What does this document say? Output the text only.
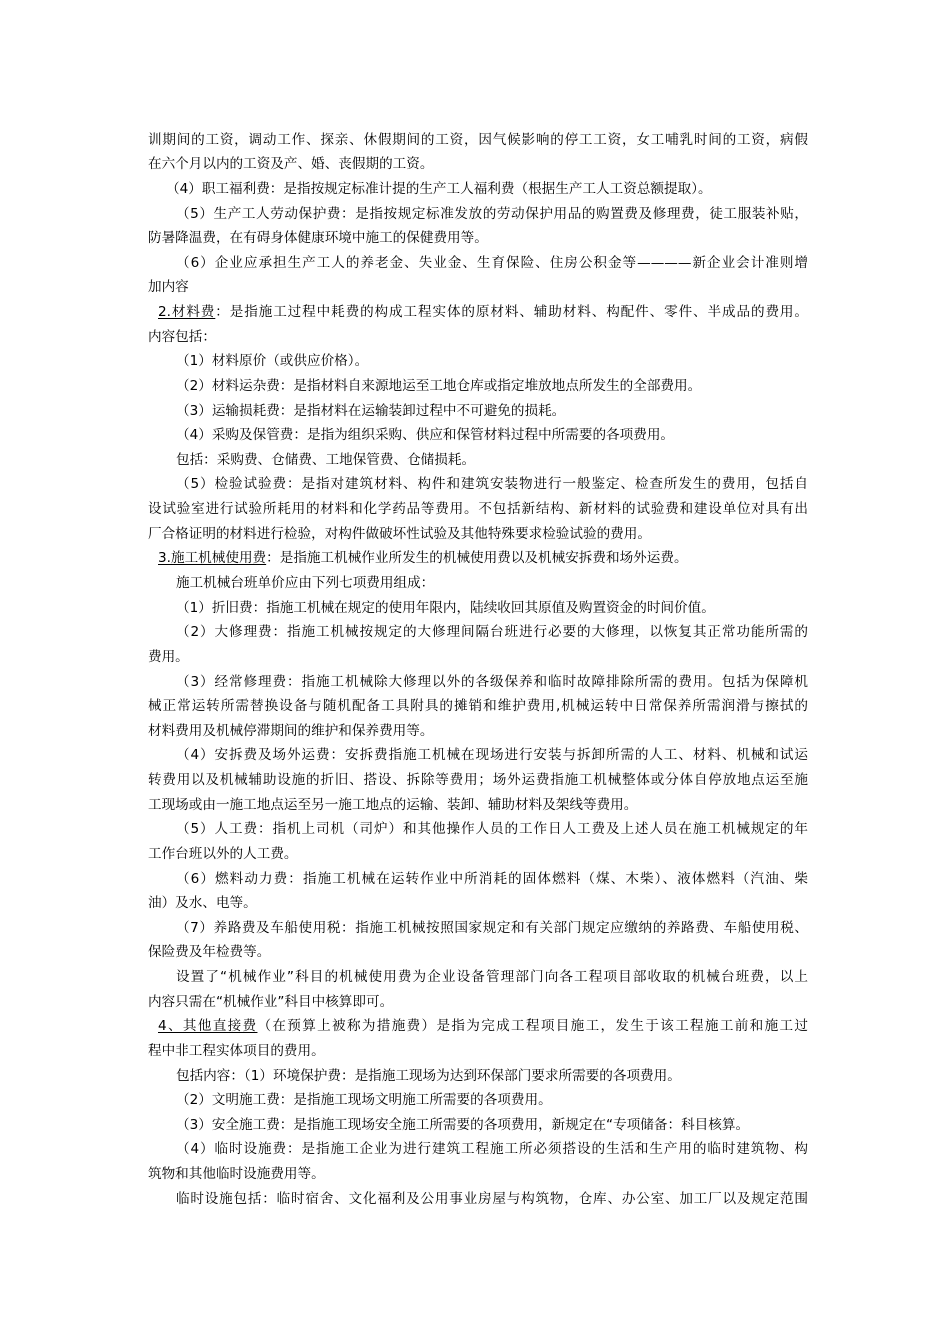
训期间的工资，调动工作、探亲、休假期间的工资，因气候影响的停工工资，女工哺乳时间的工资，病假
在六个月以内的工资及产、婚、丧假期的工资。
（4）职工福利费：是指按规定标准计提的生产工人福利费（根据生产工人工资总额提取）。
（5）生产工人劳动保护费：是指按规定标准发放的劳动保护用品的购置费及修理费，徒工服装补贴，
防暑降温费，在有碍身体健康环境中施工的保健费用等。
（6）企业应承担生产工人的养老金、失业金、生育保险、住房公积金等————新企业会计准则增
加内容
2.材料费：是指施工过程中耗费的构成工程实体的原材料、辅助材料、构配件、零件、半成品的费用。
内容包括：
（1）材料原价（或供应价格）。
（2）材料运杂费：是指材料自来源地运至工地仓库或指定堆放地点所发生的全部费用。
（3）运输损耗费：是指材料在运输装卸过程中不可避免的损耗。
（4）采购及保管费：是指为组织采购、供应和保管材料过程中所需要的各项费用。
包括：采购费、仓储费、工地保管费、仓储损耗。
（5）检验试验费：是指对建筑材料、构件和建筑安装物进行一般鉴定、检查所发生的费用，包括自
设试验室进行试验所耗用的材料和化学药品等费用。不包括新结构、新材料的试验费和建设单位对具有出
厂合格证明的材料进行检验，对构件做破坏性试验及其他特殊要求检验试验的费用。
3.施工机械使用费：是指施工机械作业所发生的机械使用费以及机械安拆费和场外运费。
施工机械台班单价应由下列七项费用组成：
（1）折旧费：指施工机械在规定的使用年限内，陆续收回其原值及购置资金的时间价值。
（2）大修理费：指施工机械按规定的大修理间隔台班进行必要的大修理，以恢复其正常功能所需的
费用。
（3）经常修理费：指施工机械除大修理以外的各级保养和临时故障排除所需的费用。包括为保障机
械正常运转所需替换设备与随机配备工具附具的摊销和维护费用,机械运转中日常保养所需润滑与擦拭的
材料费用及机械停滞期间的维护和保养费用等。
（4）安拆费及场外运费：安拆费指施工机械在现场进行安装与拆卸所需的人工、材料、机械和试运
转费用以及机械辅助设施的折旧、搭设、拆除等费用；场外运费指施工机械整体或分体自停放地点运至施
工现场或由一施工地点运至另一施工地点的运输、装卸、辅助材料及架线等费用。
（5）人工费：指机上司机（司炉）和其他操作人员的工作日人工费及上述人员在施工机械规定的年
工作台班以外的人工费。
（6）燃料动力费：指施工机械在运转作业中所消耗的固体燃料（煤、木柴）、液体燃料（汽油、柴
油）及水、电等。
（7）养路费及车船使用税：指施工机械按照国家规定和有关部门规定应缴纳的养路费、车船使用税、
保险费及年检费等。
设置了“机械作业”科目的机械使用费为企业设备管理部门向各工程项目部收取的机械台班费，以上
内容只需在“机械作业”科目中核算即可。
4、其他直接费（在预算上被称为措施费）是指为完成工程项目施工，发生于该工程施工前和施工过
程中非工程实体项目的费用。
包括内容：（1）环境保护费：是指施工现场为达到环保部门要求所需要的各项费用。
（2）文明施工费：是指施工现场文明施工所需要的各项费用。
（3）安全施工费：是指施工现场安全施工所需要的各项费用，新规定在“专项储备：科目核算。
（4）临时设施费：是指施工企业为进行建筑工程施工所必须搭设的生活和生产用的临时建筑物、构
筑物和其他临时设施费用等。
临时设施包括：临时宿舍、文化福利及公用事业房屋与构筑物，仓库、办公室、加工厂以及规定范围
